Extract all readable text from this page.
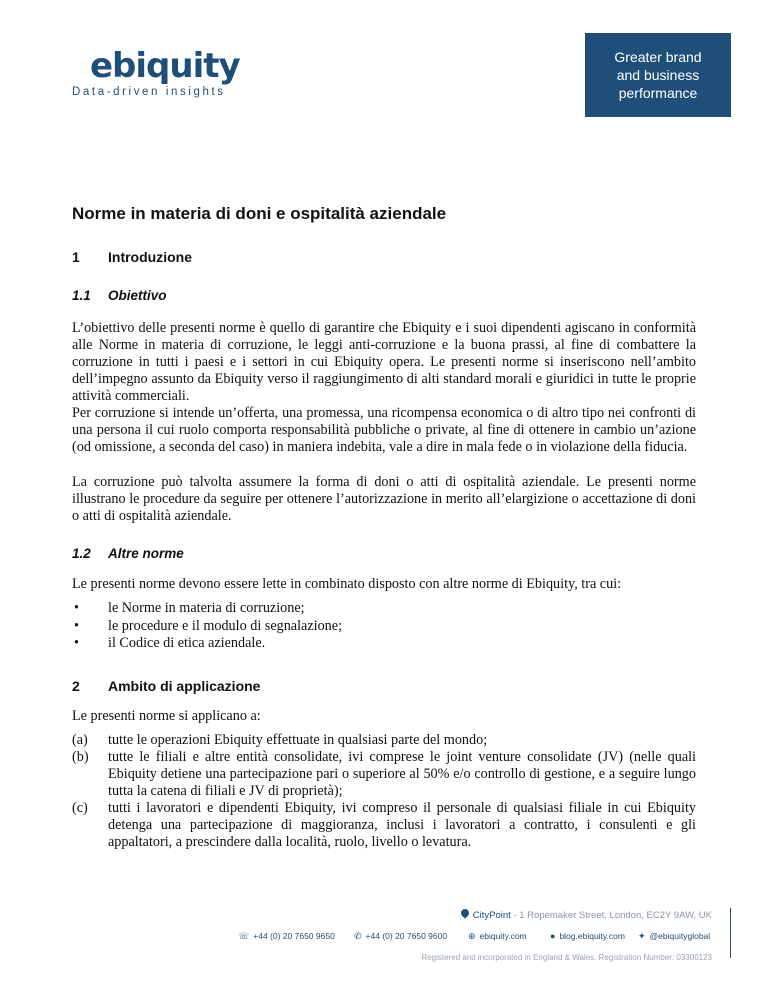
ebiquity
Data-driven insights
Greater brand
and business
performance
Norme in materia di doni e ospitalità aziendale
1 Introduzione
1.1 Obiettivo

L’obiettivo delle presenti norme è quello di garantire che Ebiquity e i suoi dipendenti agiscano in conformità alle Norme in materia di corruzione, le leggi anti-corruzione e la buona prassi, al fine di combattere la corruzione in tutti i paesi e i settori in cui Ebiquity opera. Le presenti norme si inseriscono nell’ambito dell’impegno assunto da Ebiquity verso il raggiungimento di alti standard morali e giuridici in tutte le proprie attività commerciali.

Per corruzione si intende un’offerta, una promessa, una ricompensa economica o di altro tipo nei confronti di una persona il cui ruolo comporta responsabilità pubbliche o private, al fine di ottenere in cambio un’azione (od omissione, a seconda del caso) in maniera indebita, vale a dire in mala fede o in violazione della fiducia.

La corruzione può talvolta assumere la forma di doni o atti di ospitalità aziendale. Le presenti norme illustrano le procedure da seguire per ottenere l’autorizzazione in merito all’elargizione o accettazione di doni o atti di ospitalità aziendale.

1.2 Altre norme

Le presenti norme devono essere lette in combinato disposto con altre norme di Ebiquity, tra cui:

• le Norme in materia di corruzione;
• le procedure e il modulo di segnalazione;
• il Codice di etica aziendale.
2 Ambito di applicazione

Le presenti norme si applicano a:

(a) tutte le operazioni Ebiquity effettuate in qualsiasi parte del mondo;
(b) tutte le filiali e altre entità consolidate, ivi comprese le joint venture consolidate (JV) (nelle quali Ebiquity detiene una partecipazione pari o superiore al 50% e/o controllo di gestione, e a seguire lungo tutta la catena di filiali e JV di proprietà);
(c) tutti i lavoratori e dipendenti Ebiquity, ivi compreso il personale di qualsiasi filiale in cui Ebiquity detenga una partecipazione di maggioranza, inclusi i lavoratori a contratto, i consulenti e gli appaltatori, a prescindere dalla località, ruolo, livello o levatura.
CityPoint - 1 Ropemaker Street, London, EC2Y 9AW, UK
☏ +44 (0) 20 7650 9650 ✆ +44 (0) 20 7650 9600 ⊕ ebiquity.com	● blog.ebiquity.com ✦ @ebiquityglobal
Registered and incorporated in England & Wales. Registration Number: 03300123
